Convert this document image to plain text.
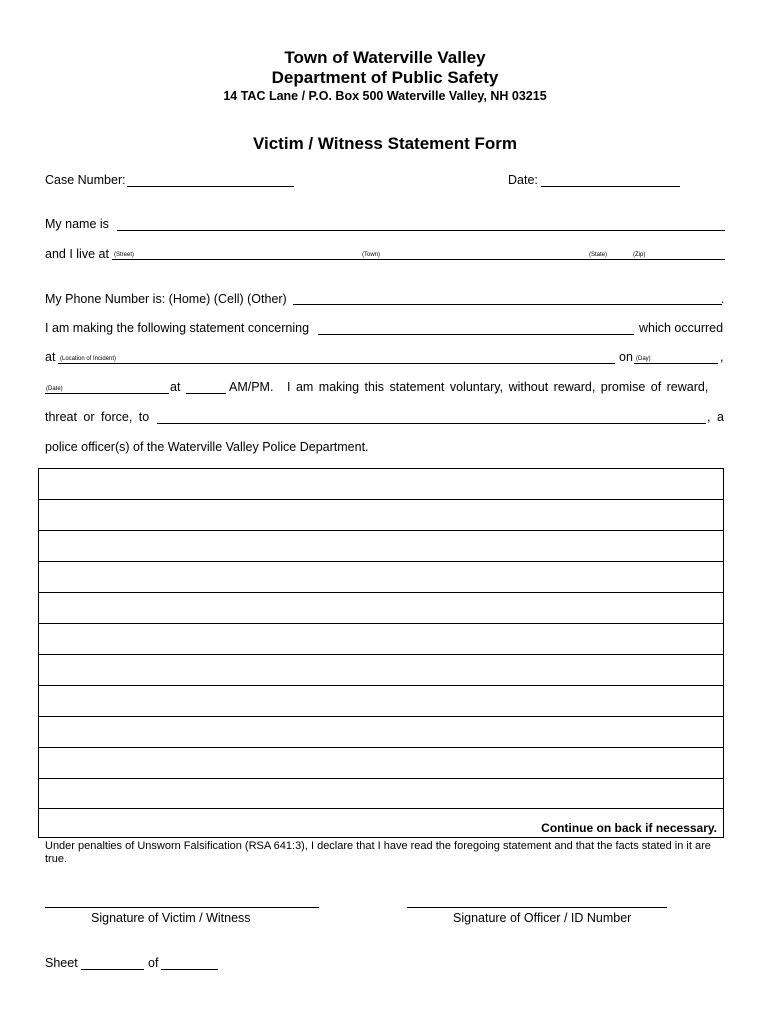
Town of Waterville Valley
Department of Public Safety
14 TAC Lane / P.O. Box 500 Waterville Valley, NH 03215
Victim / Witness Statement Form
Case Number:	Date:
My name is
and I live at (Street)	(Town)	(State)	(Zip)
My Phone Number is: (Home) (Cell) (Other)	.
I am making the following statement concerning	which occurred
at (Location of Incident)	on (Day)	,
(Date)	at	AM/PM. I am making this statement voluntary, without reward, promise of reward,
threat or force, to	, a
police officer(s) of the Waterville Valley Police Department.
Continue on back if necessary.
Under penalties of Unsworn Falsification (RSA 641:3), I declare that I have read the foregoing statement and that the facts stated in it are true.
Signature of Victim / Witness	Signature of Officer / ID Number
Sheet	of
